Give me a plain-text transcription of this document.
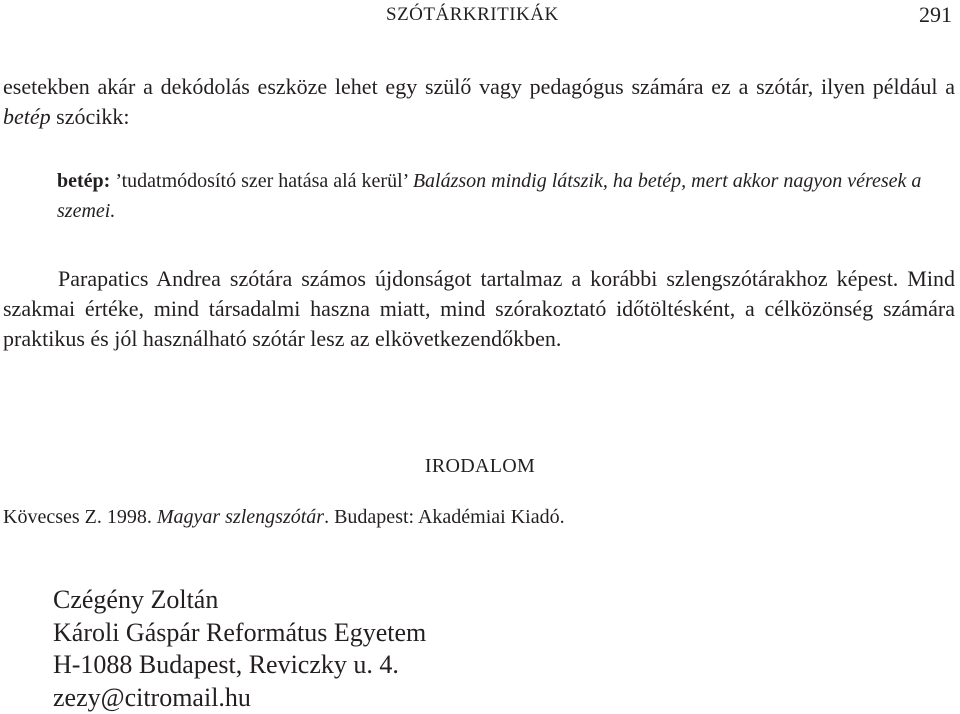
SZÓTÁRKRITIKÁK	291
esetekben akár a dekódolás eszköze lehet egy szülő vagy pedagógus számára ez a szótár, ilyen például a betép szócikk:
betép: ’tudatmódosító szer hatása alá kerül’ Balázson mindig látszik, ha betép, mert akkor nagyon véresek a szemei.
Parapatics Andrea szótára számos újdonságot tartalmaz a korábbi szlengszótárakhoz képest. Mind szakmai értéke, mind társadalmi haszna miatt, mind szórakoztató időtöltésként, a célközönség számára praktikus és jól használható szótár lesz az elkövetkezendőkben.
IRODALOM
Kövecses Z. 1998. Magyar szlengszótár. Budapest: Akadémiai Kiadó.
Czégény Zoltán
Károli Gáspár Református Egyetem
H-1088 Budapest, Reviczky u. 4.
zezy@citromail.hu
